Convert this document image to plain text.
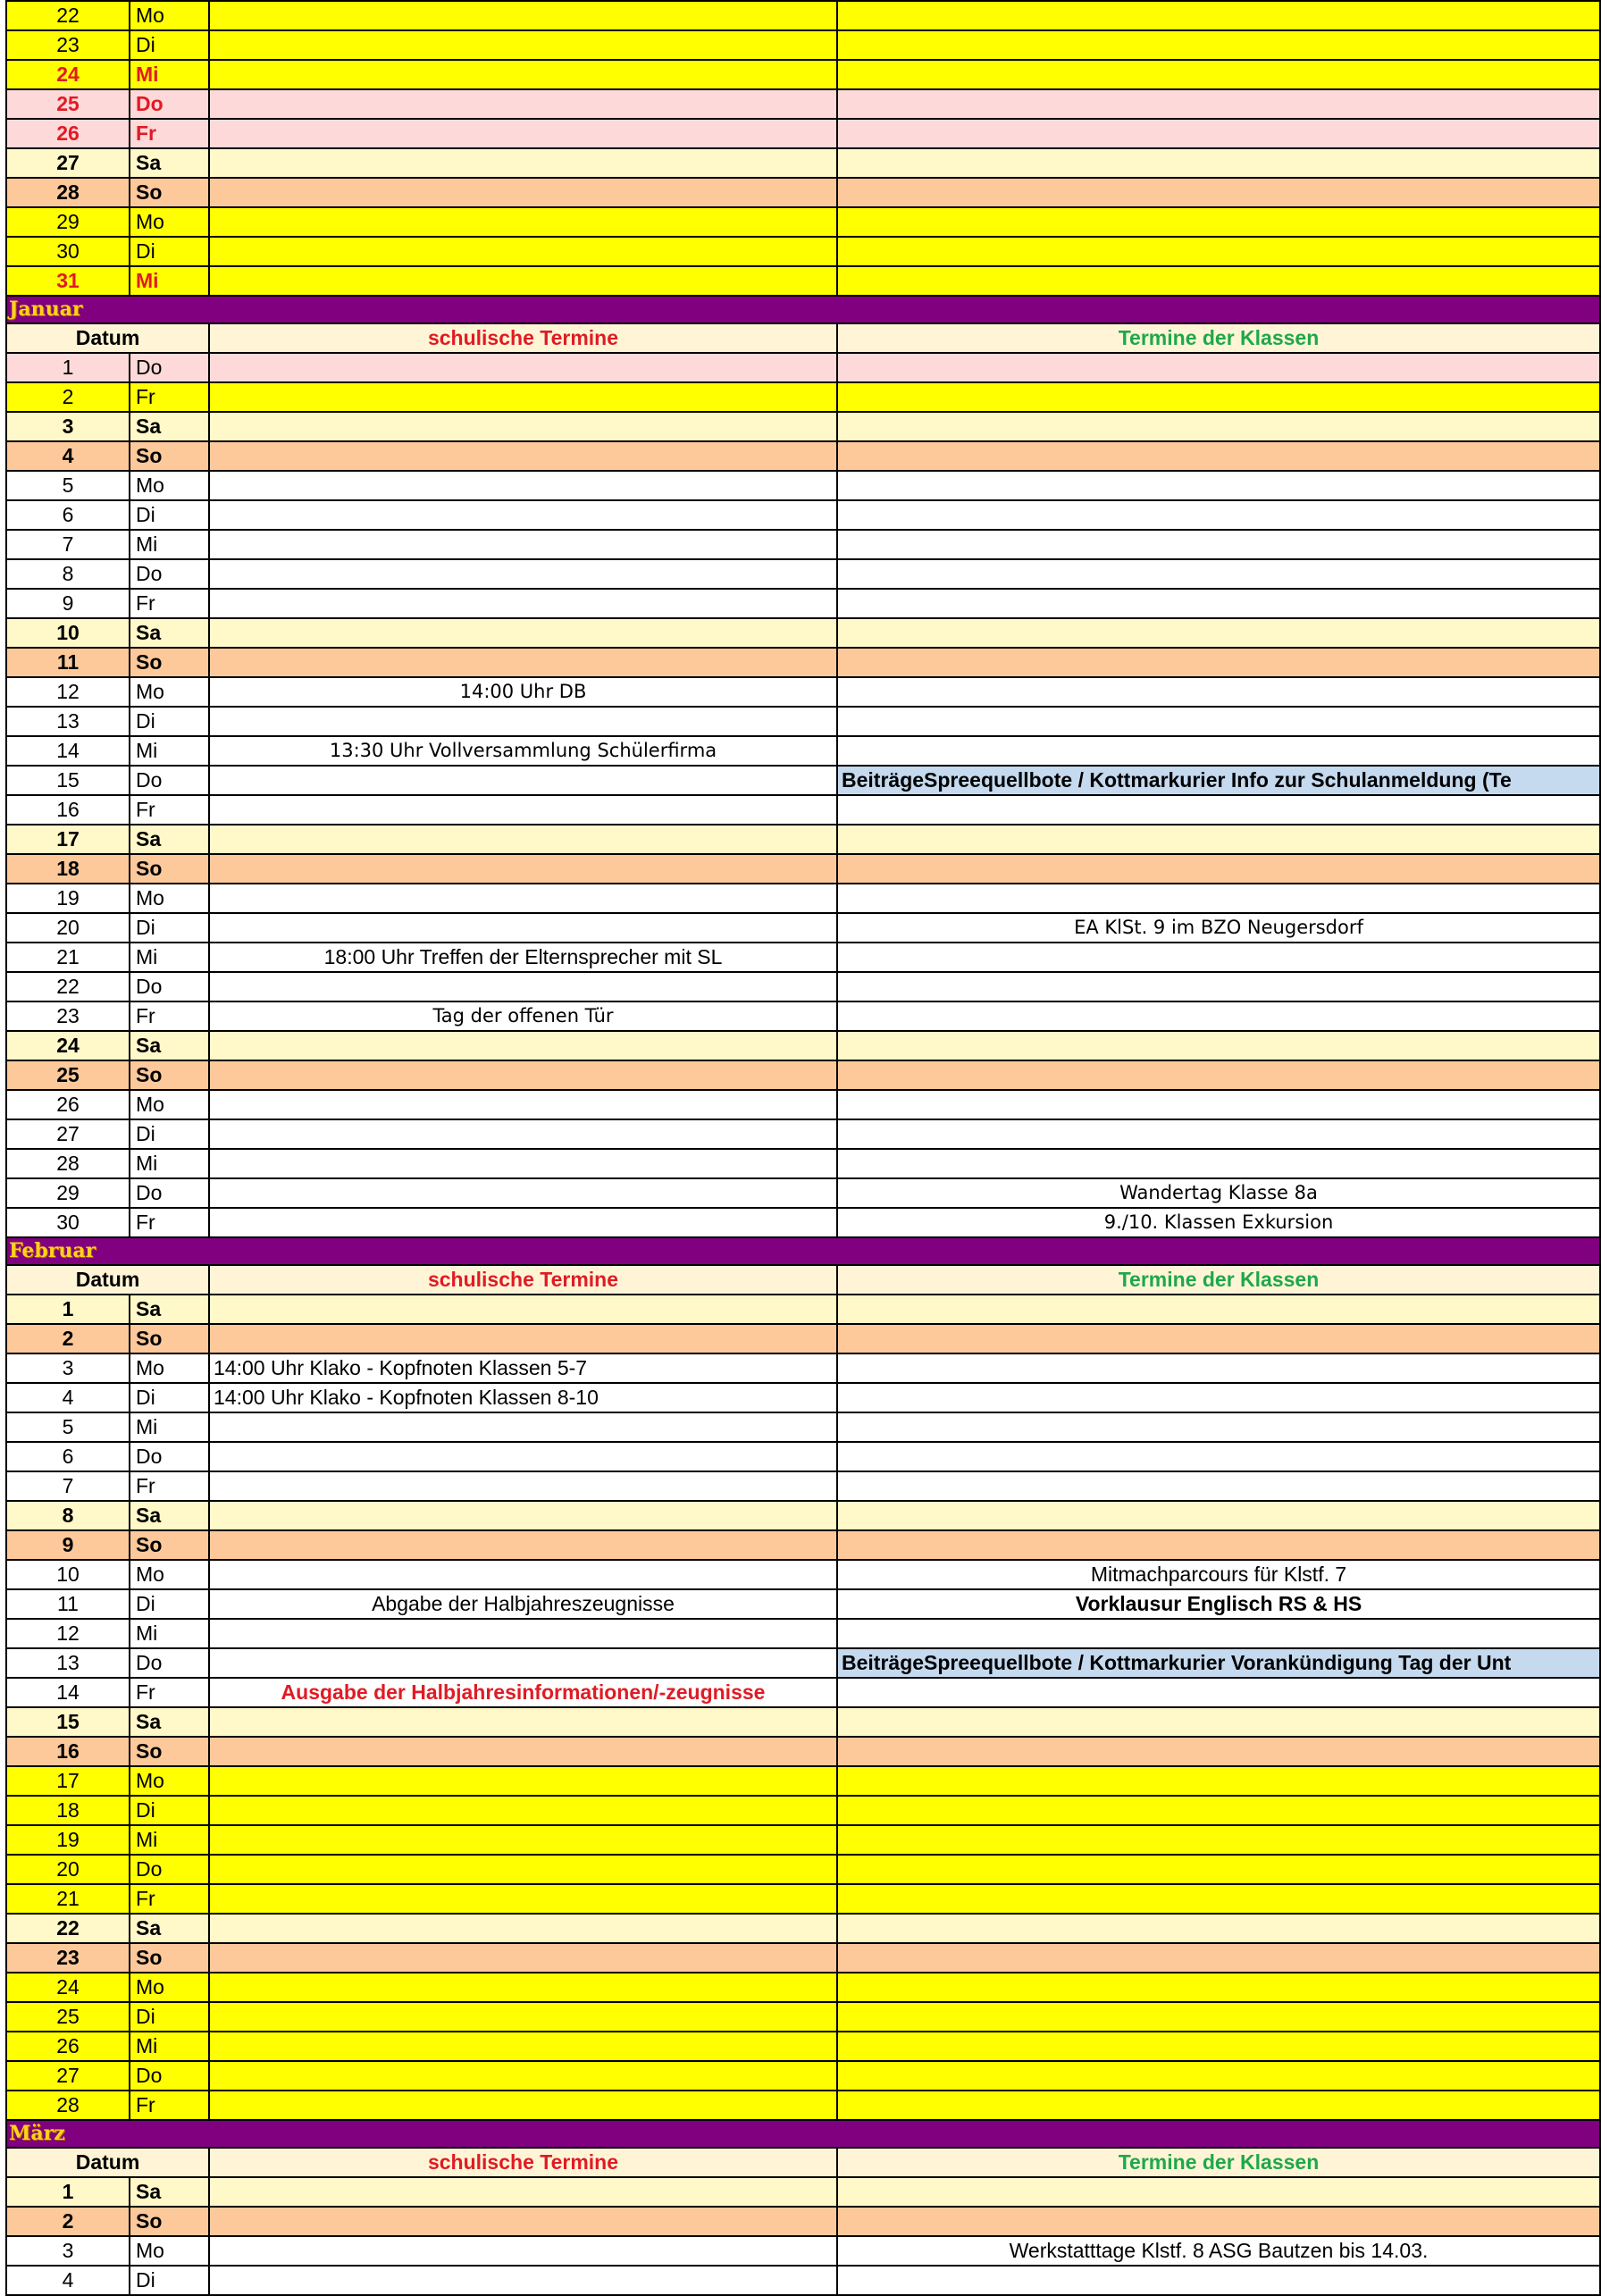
22	Mo		
23	Di		
24	Mi		
25	Do		
26	Fr		
27	Sa		
28	So		
29	Mo		
30	Di		
31	Mi		
Januar			
Datum		schulische Termine	Termine der Klassen
1	Do		
2	Fr		
3	Sa		
4	So		
5	Mo		
6	Di		
7	Mi		
8	Do		
9	Fr		
10	Sa		
11	So		
12	Mo	14:00 Uhr DB	
13	Di		
14	Mi	13:30 Uhr Vollversammlung Schülerfirma	
15	Do		BeiträgeSpreequellbote / Kottmarkurier Info zur Schulanmeldung (Te
16	Fr		
17	Sa		
18	So		
19	Mo		
20	Di		EA KlSt. 9 im BZO Neugersdorf
21	Mi	18:00 Uhr Treffen der Elternsprecher mit SL	
22	Do		
23	Fr	Tag der offenen Tür	
24	Sa		
25	So		
26	Mo		
27	Di		
28	Mi		
29	Do		Wandertag Klasse 8a
30	Fr		9./10. Klassen Exkursion
Februar			
Datum		schulische Termine	Termine der Klassen
1	Sa		
2	So		
3	Mo	14:00 Uhr Klako - Kopfnoten Klassen 5-7	
4	Di	14:00 Uhr Klako - Kopfnoten Klassen 8-10	
5	Mi		
6	Do		
7	Fr		
8	Sa		
9	So		
10	Mo		Mitmachparcours für Klstf. 7
11	Di	Abgabe der Halbjahreszeugnisse	Vorklausur Englisch RS & HS
12	Mi		
13	Do		BeiträgeSpreequellbote / Kottmarkurier Vorankündigung Tag der Unt
14	Fr	Ausgabe der Halbjahresinformationen/-zeugnisse	
15	Sa		
16	So		
17	Mo		
18	Di		
19	Mi		
20	Do		
21	Fr		
22	Sa		
23	So		
24	Mo		
25	Di		
26	Mi		
27	Do		
28	Fr		
März			
Datum		schulische Termine	Termine der Klassen
1	Sa		
2	So		
3	Mo		Werkstatttage Klstf. 8 ASG Bautzen bis 14.03.
4	Di		
